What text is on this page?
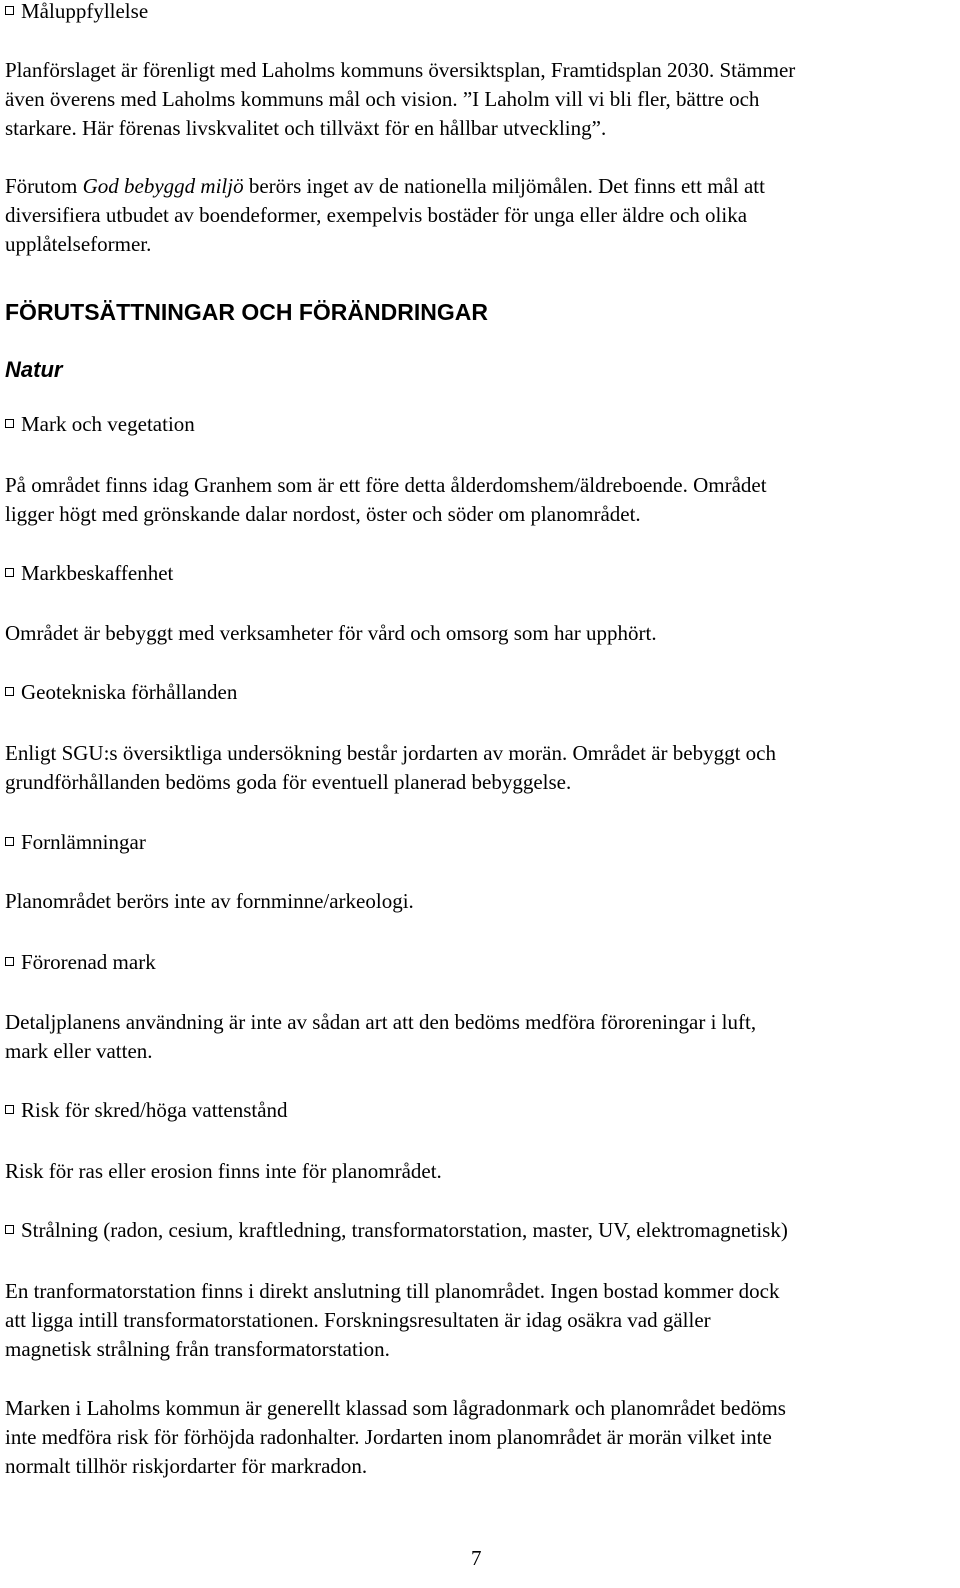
Måluppfyllelse
Planförslaget är förenligt med Laholms kommuns översiktsplan, Framtidsplan 2030. Stämmer
även överens med Laholms kommuns mål och vision. ”I Laholm vill vi bli fler, bättre och
starkare. Här förenas livskvalitet och tillväxt för en hållbar utveckling”.
Förutom God bebyggd miljö berörs inget av de nationella miljömålen. Det finns ett mål att
diversifiera utbudet av boendeformer, exempelvis bostäder för unga eller äldre och olika
upplåtelseformer.
FÖRUTSÄTTNINGAR OCH FÖRÄNDRINGAR
Natur
Mark och vegetation
På området finns idag Granhem som är ett före detta ålderdomshem/äldreboende. Området
ligger högt med grönskande dalar nordost, öster och söder om planområdet.
Markbeskaffenhet
Området är bebyggt med verksamheter för vård och omsorg som har upphört.
Geotekniska förhållanden
Enligt SGU:s översiktliga undersökning består jordarten av morän. Området är bebyggt och
grundförhållanden bedöms goda för eventuell planerad bebyggelse.
Fornlämningar
Planområdet berörs inte av fornminne/arkeologi.
Förorenad mark
Detaljplanens användning är inte av sådan art att den bedöms medföra föroreningar i luft,
mark eller vatten.
Risk för skred/höga vattenstånd
Risk för ras eller erosion finns inte för planområdet.
Strålning (radon, cesium, kraftledning, transformatorstation, master, UV, elektromagnetisk)
En tranformatorstation finns i direkt anslutning till planområdet. Ingen bostad kommer dock
att ligga intill transformatorstationen. Forskningsresultaten är idag osäkra vad gäller
magnetisk strålning från transformatorstation.
Marken i Laholms kommun är generellt klassad som lågradonmark och planområdet bedöms
inte medföra risk för förhöjda radonhalter. Jordarten inom planområdet är morän vilket inte
normalt tillhör riskjordarter för markradon.
7
